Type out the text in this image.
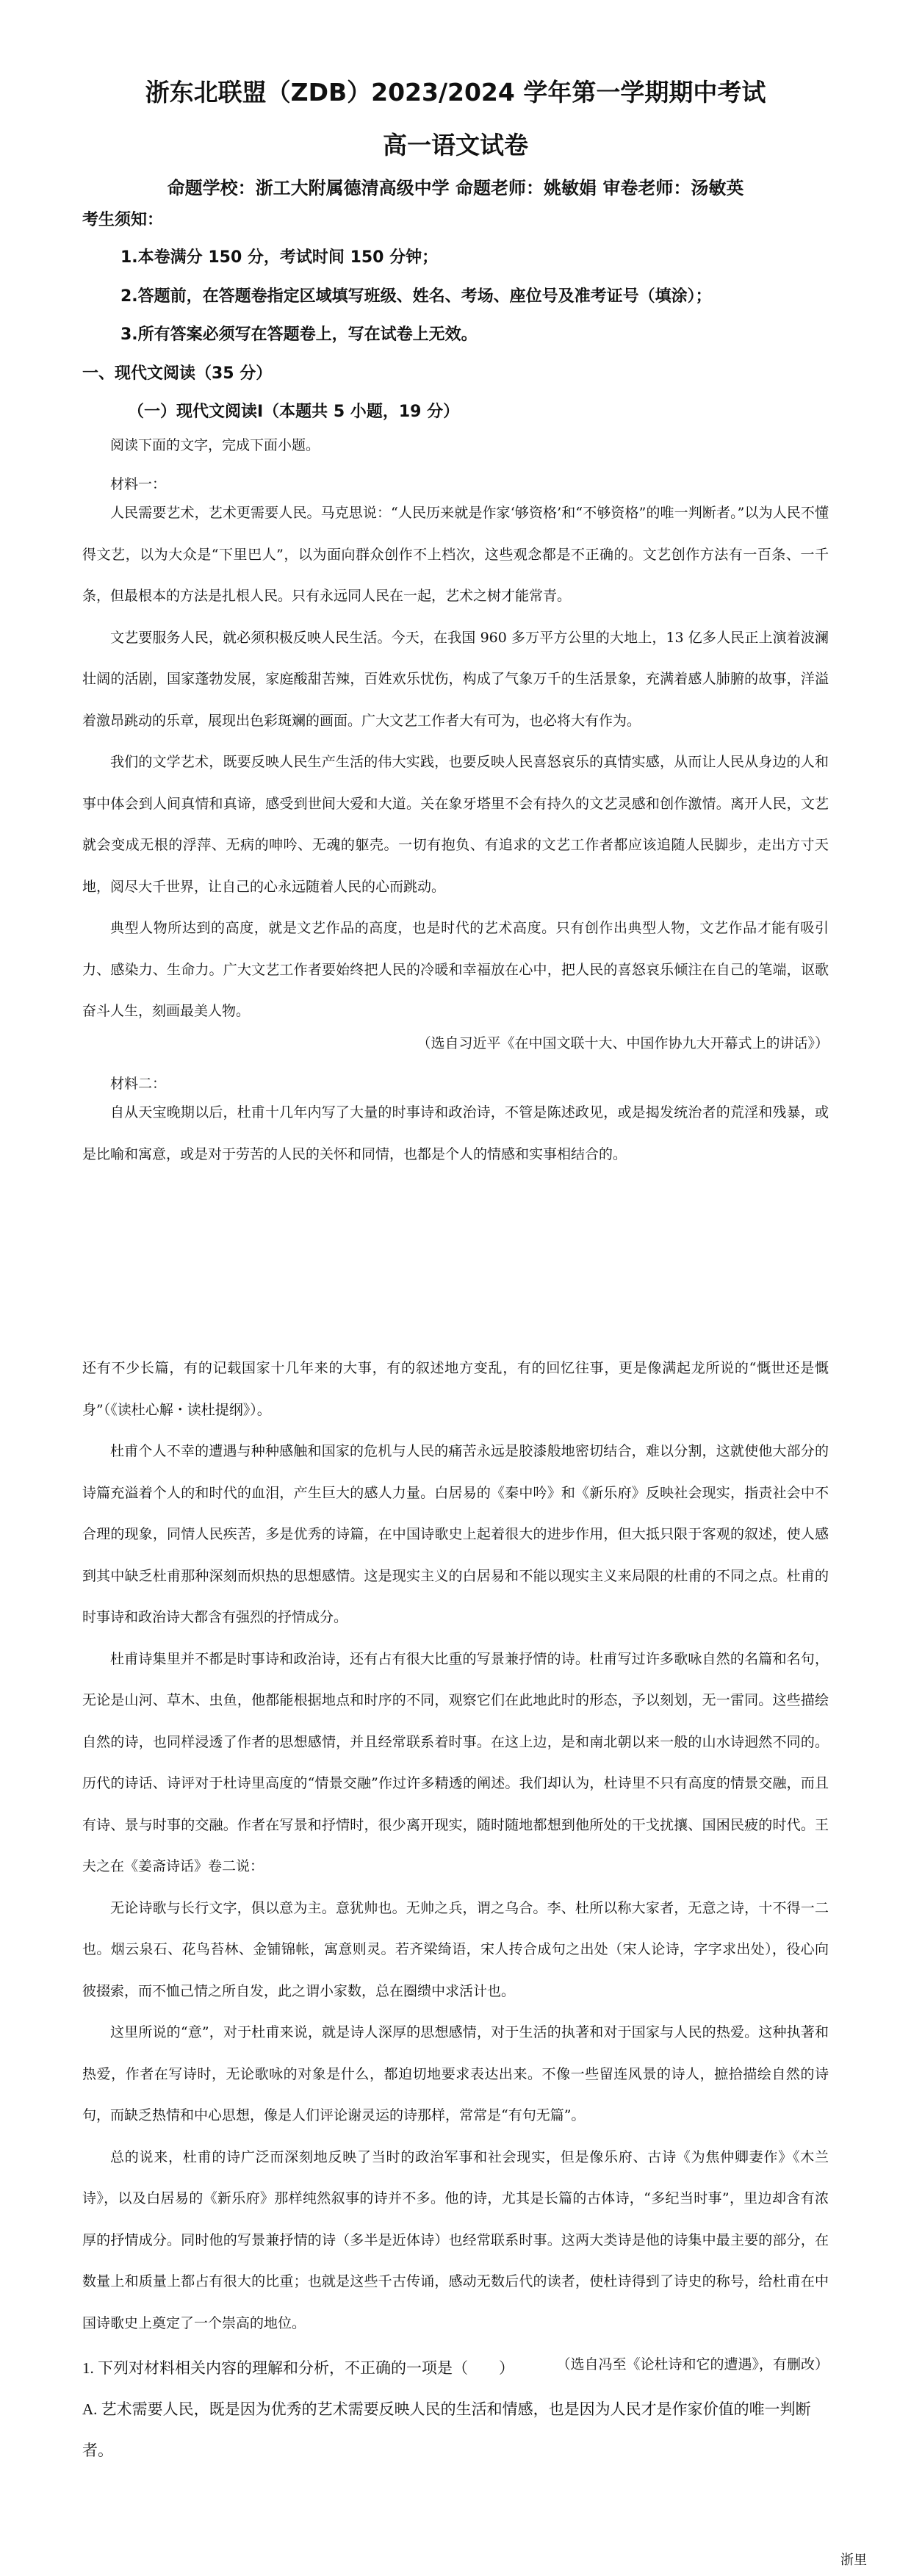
浙东北联盟（ZDB）2023/2024 学年第一学期期中考试
高一语文试卷
命题学校：浙工大附属德清高级中学 命题老师：姚敏娟 审卷老师：汤敏英
考生须知：
1.本卷满分 150 分，考试时间 150 分钟；
2.答题前，在答题卷指定区域填写班级、姓名、考场、座位号及准考证号（填涂）；
3.所有答案必须写在答题卷上，写在试卷上无效。
一、现代文阅读（35 分）
（一）现代文阅读Ⅰ（本题共 5 小题，19 分）
阅读下面的文字，完成下面小题。
材料一：

人民需要艺术，艺术更需要人民。马克思说：“人民历来就是作家‘够资格’和“不够资格”的唯一判断者。”以为人民不懂得文艺，以为大众是“下里巴人”，以为面向群众创作不上档次，这些观念都是不正确的。文艺创作方法有一百条、一千条，但最根本的方法是扎根人民。只有永远同人民在一起，艺术之树才能常青。

文艺要服务人民，就必须积极反映人民生活。今天，在我国 960 多万平方公里的大地上，13 亿多人民正上演着波澜壮阔的活剧，国家蓬勃发展，家庭酸甜苦辣，百姓欢乐忧伤，构成了气象万千的生活景象，充满着感人肺腑的故事，洋溢着激昂跳动的乐章，展现出色彩斑斓的画面。广大文艺工作者大有可为，也必将大有作为。

我们的文学艺术，既要反映人民生产生活的伟大实践，也要反映人民喜怒哀乐的真情实感，从而让人民从身边的人和事中体会到人间真情和真谛，感受到世间大爱和大道。关在象牙塔里不会有持久的文艺灵感和创作激情。离开人民，文艺就会变成无根的浮萍、无病的呻吟、无魂的躯壳。一切有抱负、有追求的文艺工作者都应该追随人民脚步，走出方寸天地，阅尽大千世界，让自己的心永远随着人民的心而跳动。

典型人物所达到的高度，就是文艺作品的高度，也是时代的艺术高度。只有创作出典型人物，文艺作品才能有吸引力、感染力、生命力。广大文艺工作者要始终把人民的冷暖和幸福放在心中，把人民的喜怒哀乐倾注在自己的笔端，讴歌奋斗人生，刻画最美人物。

（选自习近平《在中国文联十大、中国作协九大开幕式上的讲话》）
材料二：

自从天宝晚期以后，杜甫十几年内写了大量的时事诗和政治诗，不管是陈述政见，或是揭发统治者的荒淫和残暴，或是比喻和寓意，或是对于劳苦的人民的关怀和同情，也都是个人的情感和实事相结合的。

还有不少长篇，有的记载国家十几年来的大事，有的叙述地方变乱，有的回忆往事，更是像满起龙所说的“慨世还是慨身”（《读杜心解・读杜提纲》）。

杜甫个人不幸的遭遇与种种感触和国家的危机与人民的痛苦永远是胶漆般地密切结合，难以分割，这就使他大部分的诗篇充溢着个人的和时代的血泪，产生巨大的感人力量。白居易的《秦中吟》和《新乐府》反映社会现实，指责社会中不合理的现象，同情人民疾苦，多是优秀的诗篇，在中国诗歌史上起着很大的进步作用，但大抵只限于客观的叙述，使人感到其中缺乏杜甫那种深刻而炽热的思想感情。这是现实主义的白居易和不能以现实主义来局限的杜甫的不同之点。杜甫的时事诗和政治诗大都含有强烈的抒情成分。

杜甫诗集里并不都是时事诗和政治诗，还有占有很大比重的写景兼抒情的诗。杜甫写过许多歌咏自然的名篇和名句，无论是山河、草木、虫鱼，他都能根据地点和时序的不同，观察它们在此地此时的形态，予以刻划，无一雷同。这些描绘自然的诗，也同样浸透了作者的思想感情，并且经常联系着时事。在这上边，是和南北朝以来一般的山水诗迥然不同的。历代的诗话、诗评对于杜诗里高度的“情景交融”作过许多精透的阐述。我们却认为，杜诗里不只有高度的情景交融，而且有诗、景与时事的交融。作者在写景和抒情时，很少离开现实，随时随地都想到他所处的干戈扰攘、国困民疲的时代。王夫之在《姜斋诗话》卷二说：

无论诗歌与长行文字，俱以意为主。意犹帅也。无帅之兵，谓之乌合。李、杜所以称大家者，无意之诗，十不得一二也。烟云泉石、花鸟苔林、金铺锦帐，寓意则灵。若齐梁绮语，宋人抟合成句之出处（宋人论诗，字字求出处），役心向彼掇索，而不恤己情之所自发，此之谓小家数，总在圈缋中求活计也。

这里所说的“意”，对于杜甫来说，就是诗人深厚的思想感情，对于生活的执著和对于国家与人民的热爱。这种执著和热爱，作者在写诗时，无论歌咏的对象是什么，都迫切地要求表达出来。不像一些留连风景的诗人，摭拾描绘自然的诗句，而缺乏热情和中心思想，像是人们评论谢灵运的诗那样，常常是“有句无篇”。

总的说来，杜甫的诗广泛而深刻地反映了当时的政治军事和社会现实，但是像乐府、古诗《为焦仲卿妻作》《木兰诗》，以及白居易的《新乐府》那样纯然叙事的诗并不多。他的诗，尤其是长篇的古体诗，“多纪当时事”，里边却含有浓厚的抒情成分。同时他的写景兼抒情的诗（多半是近体诗）也经常联系时事。这两大类诗是他的诗集中最主要的部分，在数量上和质量上都占有很大的比重；也就是这些千古传诵，感动无数后代的读者，使杜诗得到了诗史的称号，给杜甫在中国诗歌史上奠定了一个崇高的地位。

（选自冯至《论杜诗和它的遭遇》，有删改）

1. 下列对材料相关内容的理解和分析，不正确的一项是（　　）

A. 艺术需要人民，既是因为优秀的艺术需要反映人民的生活和情感，也是因为人民才是作家价值的唯一判断者。

浙里
